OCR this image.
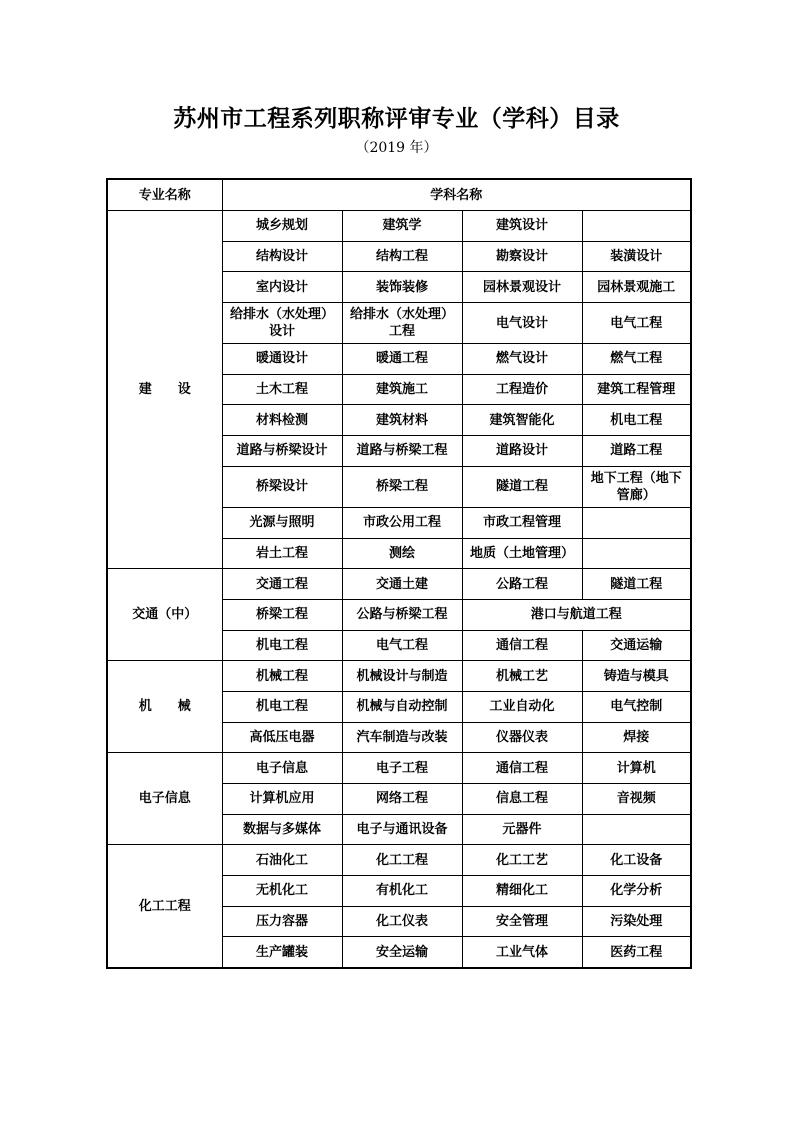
苏州市工程系列职称评审专业（学科）目录
（2019 年）
专业名称	学科名称			
建　　设	城乡规划	建筑学	建筑设计	
	结构设计	结构工程	勘察设计	装潢设计
	室内设计	装饰装修	园林景观设计	园林景观施工
	给排水（水处理）设计	给排水（水处理）工程	电气设计	电气工程
	暖通设计	暖通工程	燃气设计	燃气工程
	土木工程	建筑施工	工程造价	建筑工程管理
	材料检测	建筑材料	建筑智能化	机电工程
	道路与桥梁设计	道路与桥梁工程	道路设计	道路工程
	桥梁设计	桥梁工程	隧道工程	地下工程（地下管廊）
	光源与照明	市政公用工程	市政工程管理	
	岩土工程	测绘	地质（土地管理）	
交通（中）	交通工程	交通土建	公路工程	隧道工程
	桥梁工程	公路与桥梁工程	港口与航道工程	
	机电工程	电气工程	通信工程	交通运输
机　　械	机械工程	机械设计与制造	机械工艺	铸造与模具
	机电工程	机械与自动控制	工业自动化	电气控制
	高低压电器	汽车制造与改装	仪器仪表	焊接
电子信息	电子信息	电子工程	通信工程	计算机
	计算机应用	网络工程	信息工程	音视频
	数据与多媒体	电子与通讯设备	元器件	
化工工程	石油化工	化工工程	化工工艺	化工设备
	无机化工	有机化工	精细化工	化学分析
	压力容器	化工仪表	安全管理	污染处理
	生产罐装	安全运输	工业气体	医药工程
